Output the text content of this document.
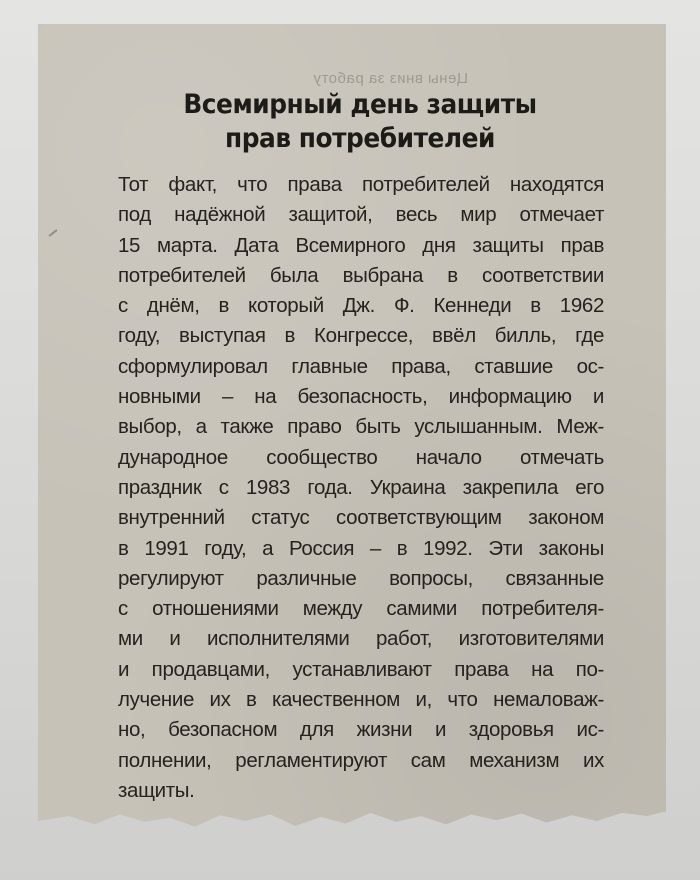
Цены вниз за работу
Всемирный день защиты
прав потребителей
Тот факт, что права потребителей находятся
под надёжной защитой, весь мир отмечает
15 марта. Дата Всемирного дня защиты прав
потребителей была выбрана в соответствии
с днём, в который Дж. Ф. Кеннеди в 1962
году, выступая в Конгрессе, ввёл билль, где
сформулировал главные права, ставшие ос-
новными – на безопасность, информацию и
выбор, а также право быть услышанным. Меж-
дународное сообщество начало отмечать
праздник с 1983 года. Украина закрепила его
внутренний статус соответствующим законом
в 1991 году, а Россия – в 1992. Эти законы
регулируют различные вопросы, связанные
с отношениями между самими потребителя-
ми и исполнителями работ, изготовителями
и продавцами, устанавливают права на по-
лучение их в качественном и, что немаловаж-
но, безопасном для жизни и здоровья ис-
полнении, регламентируют сам механизм их
защиты.
